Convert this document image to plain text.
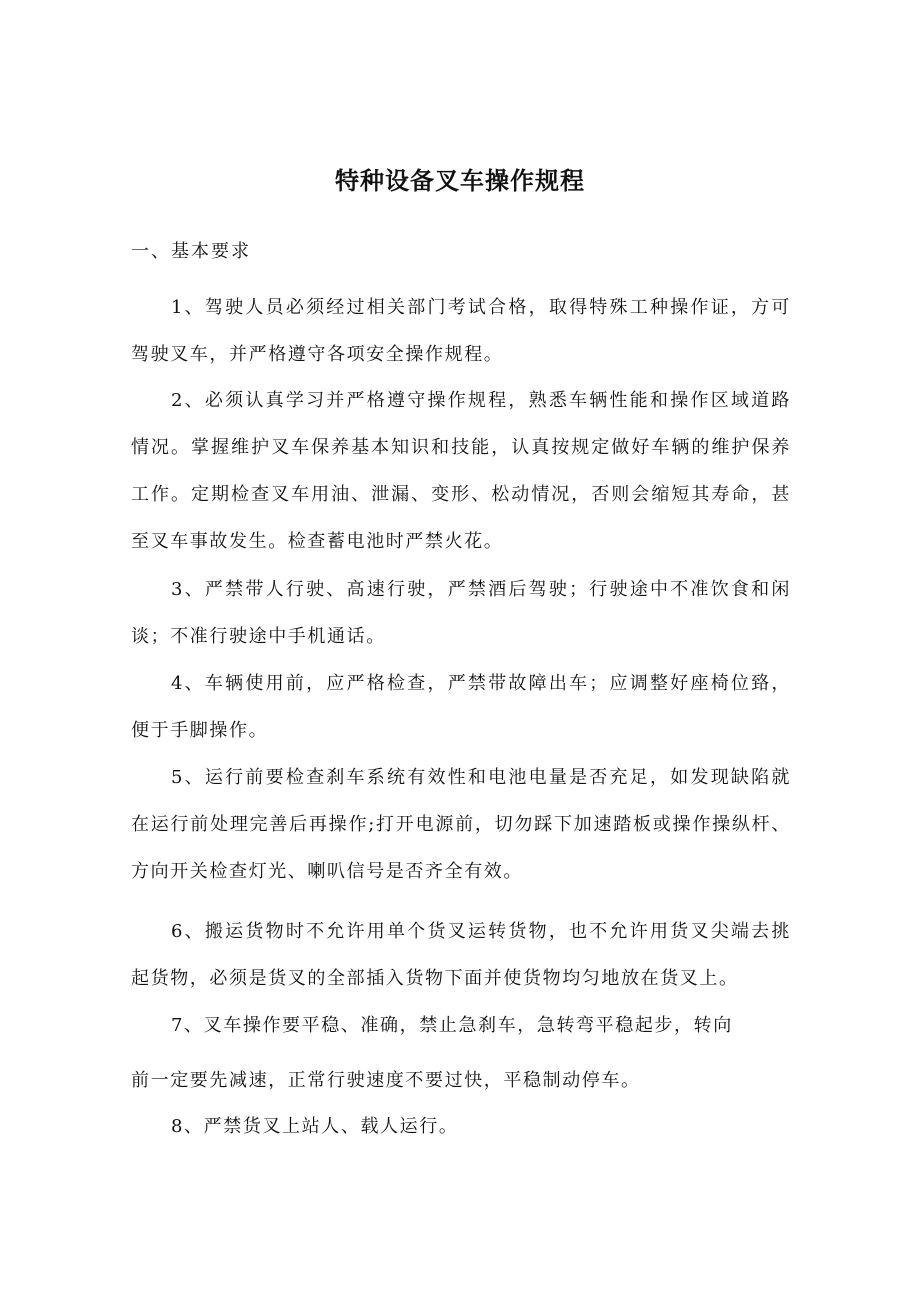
特种设备叉车操作规程
一、基本要求

1、驾驶人员必须经过相关部门考试合格，取得特殊工种操作证，方可驾驶叉车，并严格遵守各项安全操作规程。

2、必须认真学习并严格遵守操作规程，熟悉车辆性能和操作区域道路情况。掌握维护叉车保养基本知识和技能，认真按规定做好车辆的维护保养工作。定期检查叉车用油、泄漏、变形、松动情况，否则会缩短其寿命，甚至叉车事故发生。检查蓄电池时严禁火花。

3、严禁带人行驶、高速行驶，严禁酒后驾驶；行驶途中不准饮食和闲谈；不准行驶途中手机通话。

4、车辆使用前，应严格检查，严禁带故障出车；应调整好座椅位臵，便于手脚操作。

5、运行前要检查刹车系统有效性和电池电量是否充足，如发现缺陷就在运行前处理完善后再操作;打开电源前，切勿踩下加速踏板或操作操纵杆、方向开关检查灯光、喇叭信号是否齐全有效。

6、搬运货物时不允许用单个货叉运转货物，也不允许用货叉尖端去挑起货物，必须是货叉的全部插入货物下面并使货物均匀地放在货叉上。

7、叉车操作要平稳、准确，禁止急刹车，急转弯平稳起步，转向
前一定要先减速，正常行驶速度不要过快，平稳制动停车。
8、严禁货叉上站人、载人运行。
